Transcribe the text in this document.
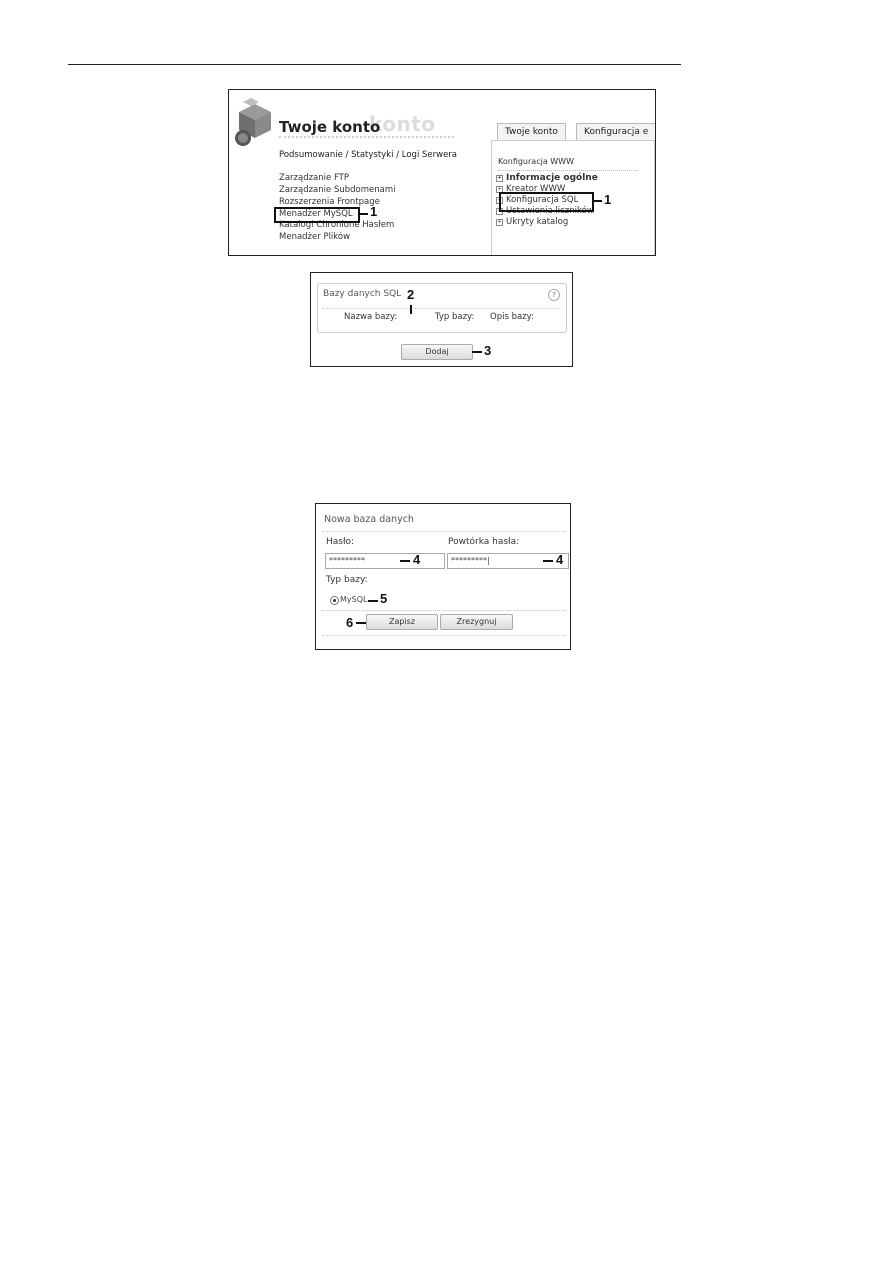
konto
Twoje konto
Podsumowanie / Statystyki / Logi Serwera
Zarządzanie FTP
Zarządzanie Subdomenami
Rozszerzenia Frontpage
Menadżer MySQL
Katalogi Chronione Hasłem
Menadżer Plików
1
Twoje konto	Konfiguracja e
Konfiguracja WWW
+ Informacje ogólne
+ Kreator WWW
+ Konfiguracja SQL
+ Ustawienia liczników
+ Ukryty katalog
1
Bazy danych SQL	?
Nazwa bazy:	Typ bazy: Opis bazy:
2
Dodaj	3
Nowa baza danych
Hasło:	Powtórka hasła:
*********	*********|
4	4
Typ bazy:
MySQL 5
6	Zapisz	Zrezygnuj
